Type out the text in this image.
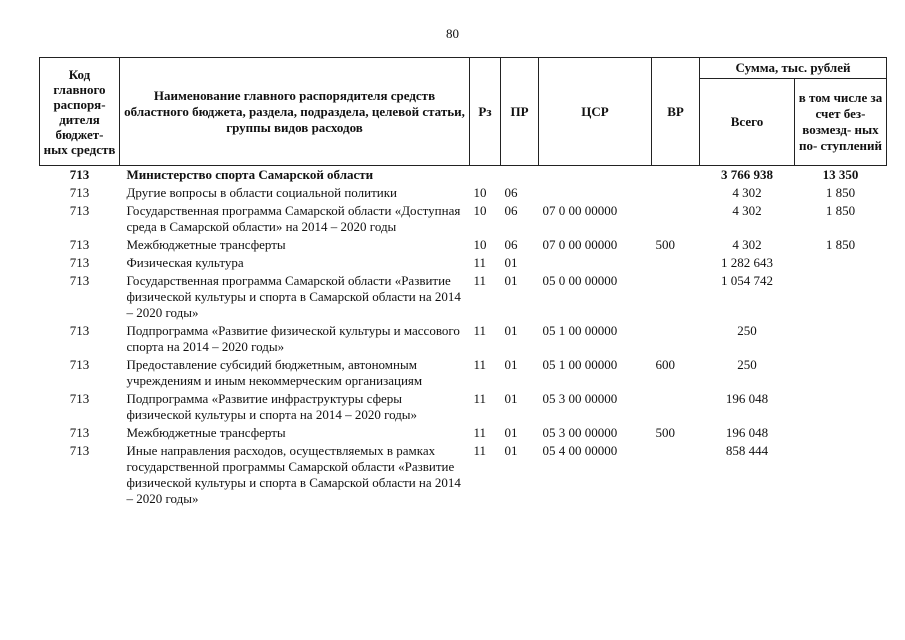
80
Код главного распоря- дителя бюджет- ных средств	Наименование главного распорядителя средств областного бюджета, раздела, подраздела, целевой статьи, группы видов расходов	Рз	ПР	ЦСР	ВР	Сумма, тыс. рублей	
						Всего	в том числе за счет без- возмезд- ных по- ступлений
713	Министерство спорта Самарской области					3 766 938	13 350
713	Другие вопросы в области социальной политики	10	06			4 302	1 850
713	Государственная программа Самарской области «Доступная среда в Самарской области» на 2014 – 2020 годы	10	06	07 0 00 00000		4 302	1 850
713	Межбюджетные трансферты	10	06	07 0 00 00000	500	4 302	1 850
713	Физическая культура	11	01			1 282 643	
713	Государственная программа Самарской области «Развитие физической культуры и спорта в Самарской области на 2014 – 2020 годы»	11	01	05 0 00 00000		1 054 742	
713	Подпрограмма «Развитие физической культуры и массового спорта на 2014 – 2020 годы»	11	01	05 1 00 00000		250	
713	Предоставление субсидий бюджетным, автономным учреждениям и иным некоммерческим организациям	11	01	05 1 00 00000	600	250	
713	Подпрограмма «Развитие инфраструктуры сферы физической культуры и спорта на 2014 – 2020 годы»	11	01	05 3 00 00000		196 048	
713	Межбюджетные трансферты	11	01	05 3 00 00000	500	196 048	
713	Иные направления расходов, осуществляемых в рамках государственной программы Самарской области «Развитие физической культуры и спорта в Самарской области на 2014 – 2020 годы»	11	01	05 4 00 00000		858 444	
